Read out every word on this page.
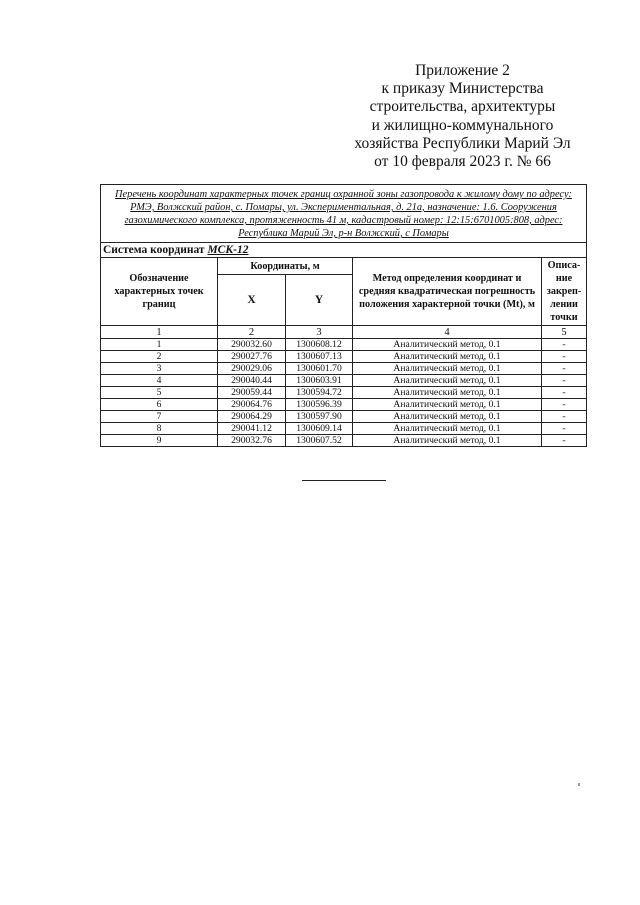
Приложение 2
к приказу Министерства
строительства, архитектуры
и жилищно-коммунального
хозяйства Республики Марий Эл
от 10 февраля 2023 г. № 66
Перечень координат характерных точек границ охранной зоны газопровода к жилому дому по адресу: РМЭ, Волжский район, с. Помары, ул. Экспериментальная, д. 21а, назначение: 1.6. Сооружения газохимического комплекса, протяженность 41 м, кадастровый номер: 12:15:6701005:808, адрес: Республика Марий Эл, р-н Волжский, с Помары				
Система координат МСК-12				
Обозначение характерных точек границ	Координаты, м		Метод определения координат и средняя квадратическая погрешность положения характерной точки (Mt), м	Описа-ние закреп-лении точки
	X	Y		
1	2	3	4	5
1	290032.60	1300608.12	Аналитический метод, 0.1	-
2	290027.76	1300607.13	Аналитический метод, 0.1	-
3	290029.06	1300601.70	Аналитический метод, 0.1	-
4	290040.44	1300603.91	Аналитический метод, 0.1	-
5	290059.44	1300594.72	Аналитический метод, 0.1	-
6	290064.76	1300596.39	Аналитический метод, 0.1	-
7	290064.29	1300597.90	Аналитический метод, 0.1	-
8	290041.12	1300609.14	Аналитический метод, 0.1	-
9	290032.76	1300607.52	Аналитический метод, 0.1	-
